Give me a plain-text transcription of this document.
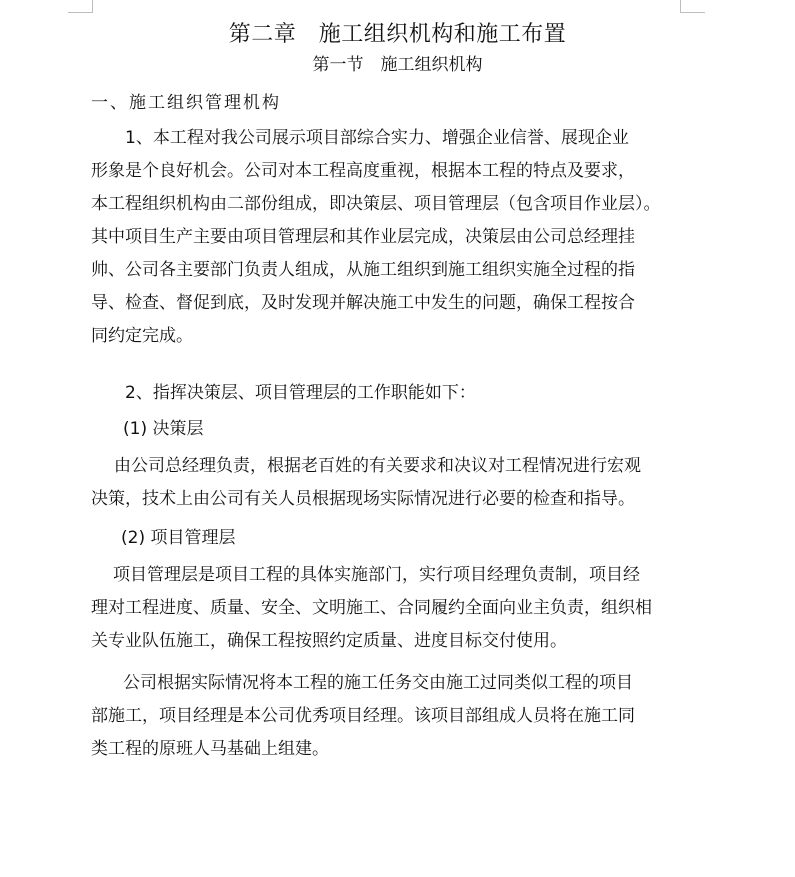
第二章　施工组织机构和施工布置
第一节　施工组织机构
一、施工组织管理机构
1、本工程对我公司展示项目部综合实力、增强企业信誉、展现企业
形象是个良好机会。公司对本工程高度重视，根据本工程的特点及要求，
本工程组织机构由二部份组成，即决策层、项目管理层（包含项目作业层）。
其中项目生产主要由项目管理层和其作业层完成，决策层由公司总经理挂
帅、公司各主要部门负责人组成，从施工组织到施工组织实施全过程的指
导、检查、督促到底，及时发现并解决施工中发生的问题，确保工程按合
同约定完成。
2、指挥决策层、项目管理层的工作职能如下：
(1) 决策层
由公司总经理负责，根据老百姓的有关要求和决议对工程情况进行宏观
决策，技术上由公司有关人员根据现场实际情况进行必要的检查和指导。
(2) 项目管理层
项目管理层是项目工程的具体实施部门，实行项目经理负责制，项目经
理对工程进度、质量、安全、文明施工、合同履约全面向业主负责，组织相
关专业队伍施工，确保工程按照约定质量、进度目标交付使用。
公司根据实际情况将本工程的施工任务交由施工过同类似工程的项目
部施工，项目经理是本公司优秀项目经理。该项目部组成人员将在施工同
类工程的原班人马基础上组建。
